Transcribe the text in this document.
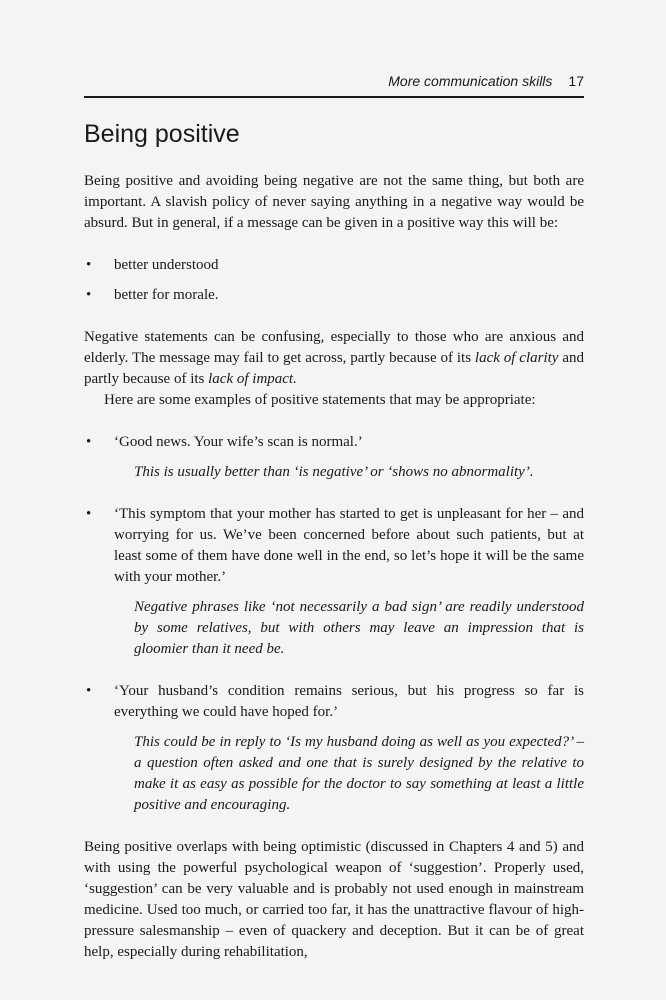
More communication skills 17
Being positive

Being positive and avoiding being negative are not the same thing, but both are important. A slavish policy of never saying anything in a negative way would be absurd. But in general, if a message can be given in a positive way this will be:

• better understood
• better for morale.

Negative statements can be confusing, especially to those who are anxious and elderly. The message may fail to get across, partly because of its lack of clarity and partly because of its lack of impact.

Here are some examples of positive statements that may be appropriate:

• ‘Good news. Your wife’s scan is normal.’

This is usually better than ‘is negative’ or ‘shows no abnormality’.

• ‘This symptom that your mother has started to get is unpleasant for her – and worrying for us. We’ve been concerned before about such patients, but at least some of them have done well in the end, so let’s hope it will be the same with your mother.’

Negative phrases like ‘not necessarily a bad sign’ are readily understood by some relatives, but with others may leave an impression that is gloomier than it need be.

• ‘Your husband’s condition remains serious, but his progress so far is everything we could have hoped for.’

This could be in reply to ‘Is my husband doing as well as you expected?’ – a question often asked and one that is surely designed by the relative to make it as easy as possible for the doctor to say something at least a little positive and encouraging.

Being positive overlaps with being optimistic (discussed in Chapters 4 and 5) and with using the powerful psychological weapon of ‘suggestion’. Properly used, ‘suggestion’ can be very valuable and is probably not used enough in mainstream medicine. Used too much, or carried too far, it has the unattractive flavour of high-pressure salesmanship – even of quackery and deception. But it can be of great help, especially during rehabilitation,
